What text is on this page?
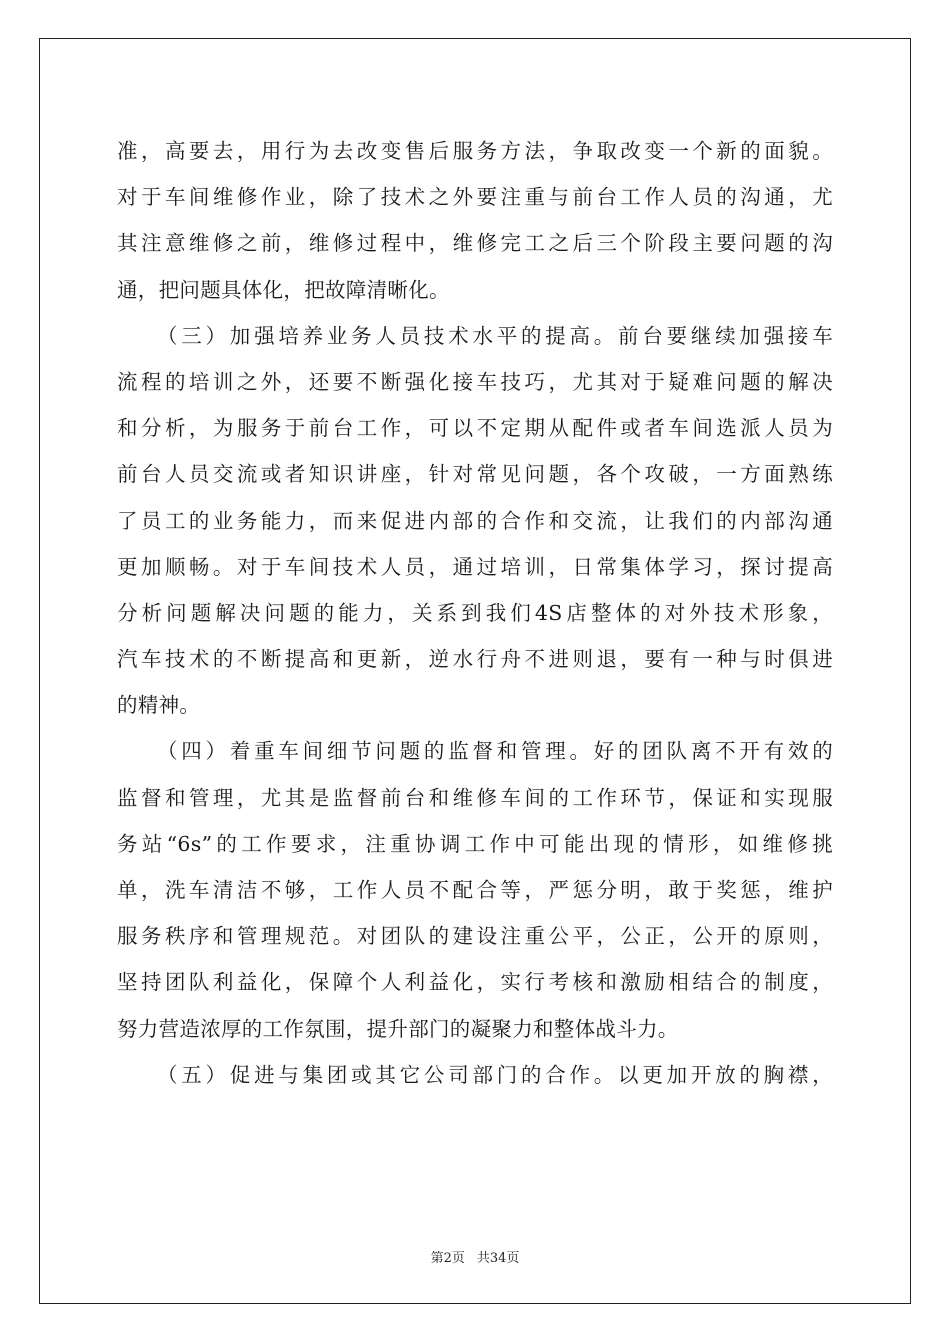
准，高要去，用行为去改变售后服务方法，争取改变一个新的面貌。
对于车间维修作业，除了技术之外要注重与前台工作人员的沟通，尤
其注意维修之前，维修过程中，维修完工之后三个阶段主要问题的沟
通，把问题具体化，把故障清晰化。
（三）加强培养业务人员技术水平的提高。前台要继续加强接车
流程的培训之外，还要不断强化接车技巧，尤其对于疑难问题的解决
和分析，为服务于前台工作，可以不定期从配件或者车间选派人员为
前台人员交流或者知识讲座，针对常见问题，各个攻破，一方面熟练
了员工的业务能力，而来促进内部的合作和交流，让我们的内部沟通
更加顺畅。对于车间技术人员，通过培训，日常集体学习，探讨提高
分析问题解决问题的能力，关系到我们4S店整体的对外技术形象，
汽车技术的不断提高和更新，逆水行舟不进则退，要有一种与时俱进
的精神。
（四）着重车间细节问题的监督和管理。好的团队离不开有效的
监督和管理，尤其是监督前台和维修车间的工作环节，保证和实现服
务站“6s”的工作要求，注重协调工作中可能出现的情形，如维修挑
单，洗车清洁不够，工作人员不配合等，严惩分明，敢于奖惩，维护
服务秩序和管理规范。对团队的建设注重公平，公正，公开的原则，
坚持团队利益化，保障个人利益化，实行考核和激励相结合的制度，
努力营造浓厚的工作氛围，提升部门的凝聚力和整体战斗力。
（五）促进与集团或其它公司部门的合作。以更加开放的胸襟，
第2页 共34页
